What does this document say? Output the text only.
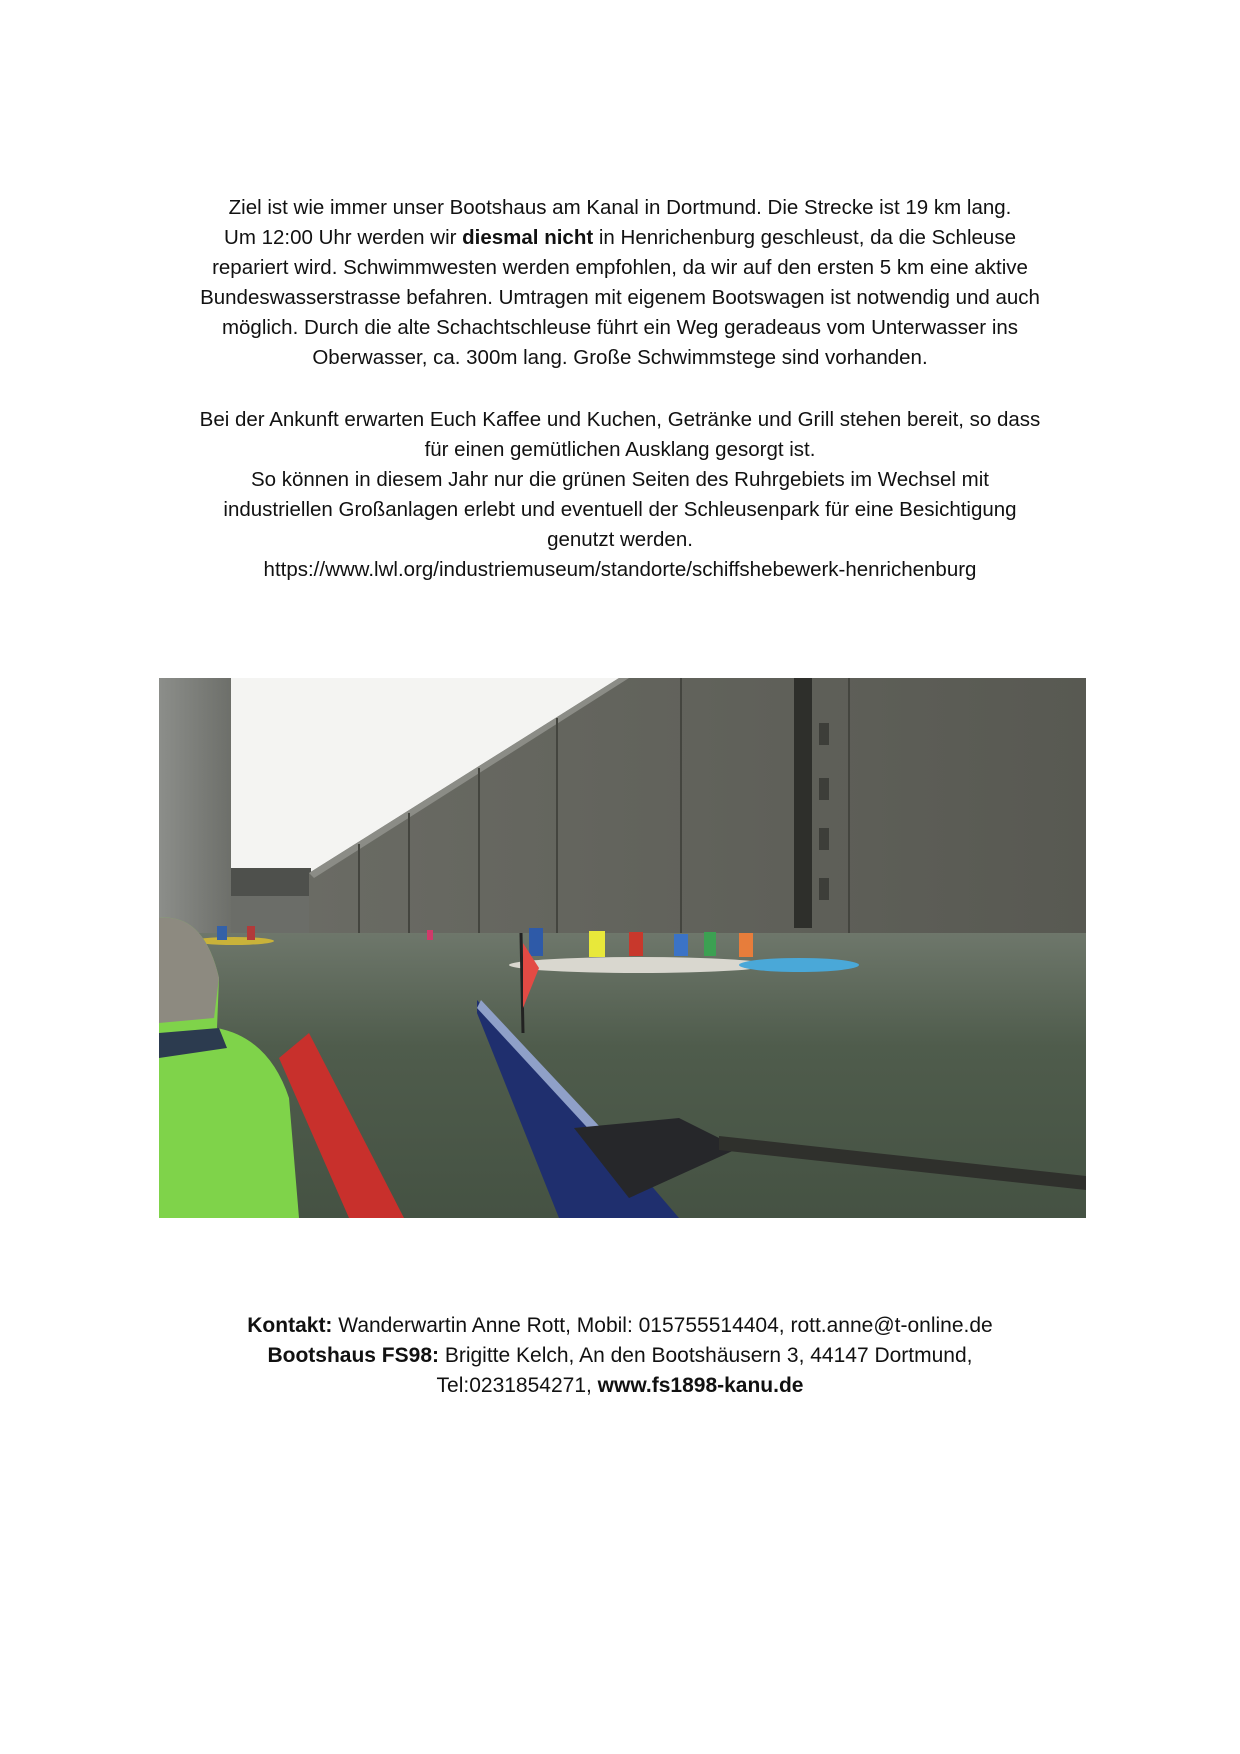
Ziel ist wie immer unser Bootshaus am Kanal in Dortmund. Die Strecke ist 19 km lang.
Um 12:00 Uhr werden wir diesmal nicht in Henrichenburg geschleust, da die Schleuse
repariert wird. Schwimmwesten werden empfohlen, da wir auf den ersten 5 km eine aktive
Bundeswasserstrasse befahren. Umtragen mit eigenem Bootswagen ist notwendig und auch
möglich. Durch die alte Schachtschleuse führt ein Weg geradeaus vom Unterwasser ins
Oberwasser, ca. 300m lang. Große Schwimmstege sind vorhanden.
Bei der Ankunft erwarten Euch Kaffee und Kuchen, Getränke und Grill stehen bereit, so dass
für einen gemütlichen Ausklang gesorgt ist.
So können in diesem Jahr nur die grünen Seiten des Ruhrgebiets im Wechsel mit
industriellen Großanlagen erlebt und eventuell der Schleusenpark für eine Besichtigung
genutzt werden.
https://www.lwl.org/industriemuseum/standorte/schiffshebewerk-henrichenburg
Kontakt: Wanderwartin Anne Rott, Mobil: 015755514404, rott.anne@t-online.de
Bootshaus FS98: Brigitte Kelch, An den Bootshäusern 3, 44147 Dortmund,
Tel:0231854271, www.fs1898-kanu.de
